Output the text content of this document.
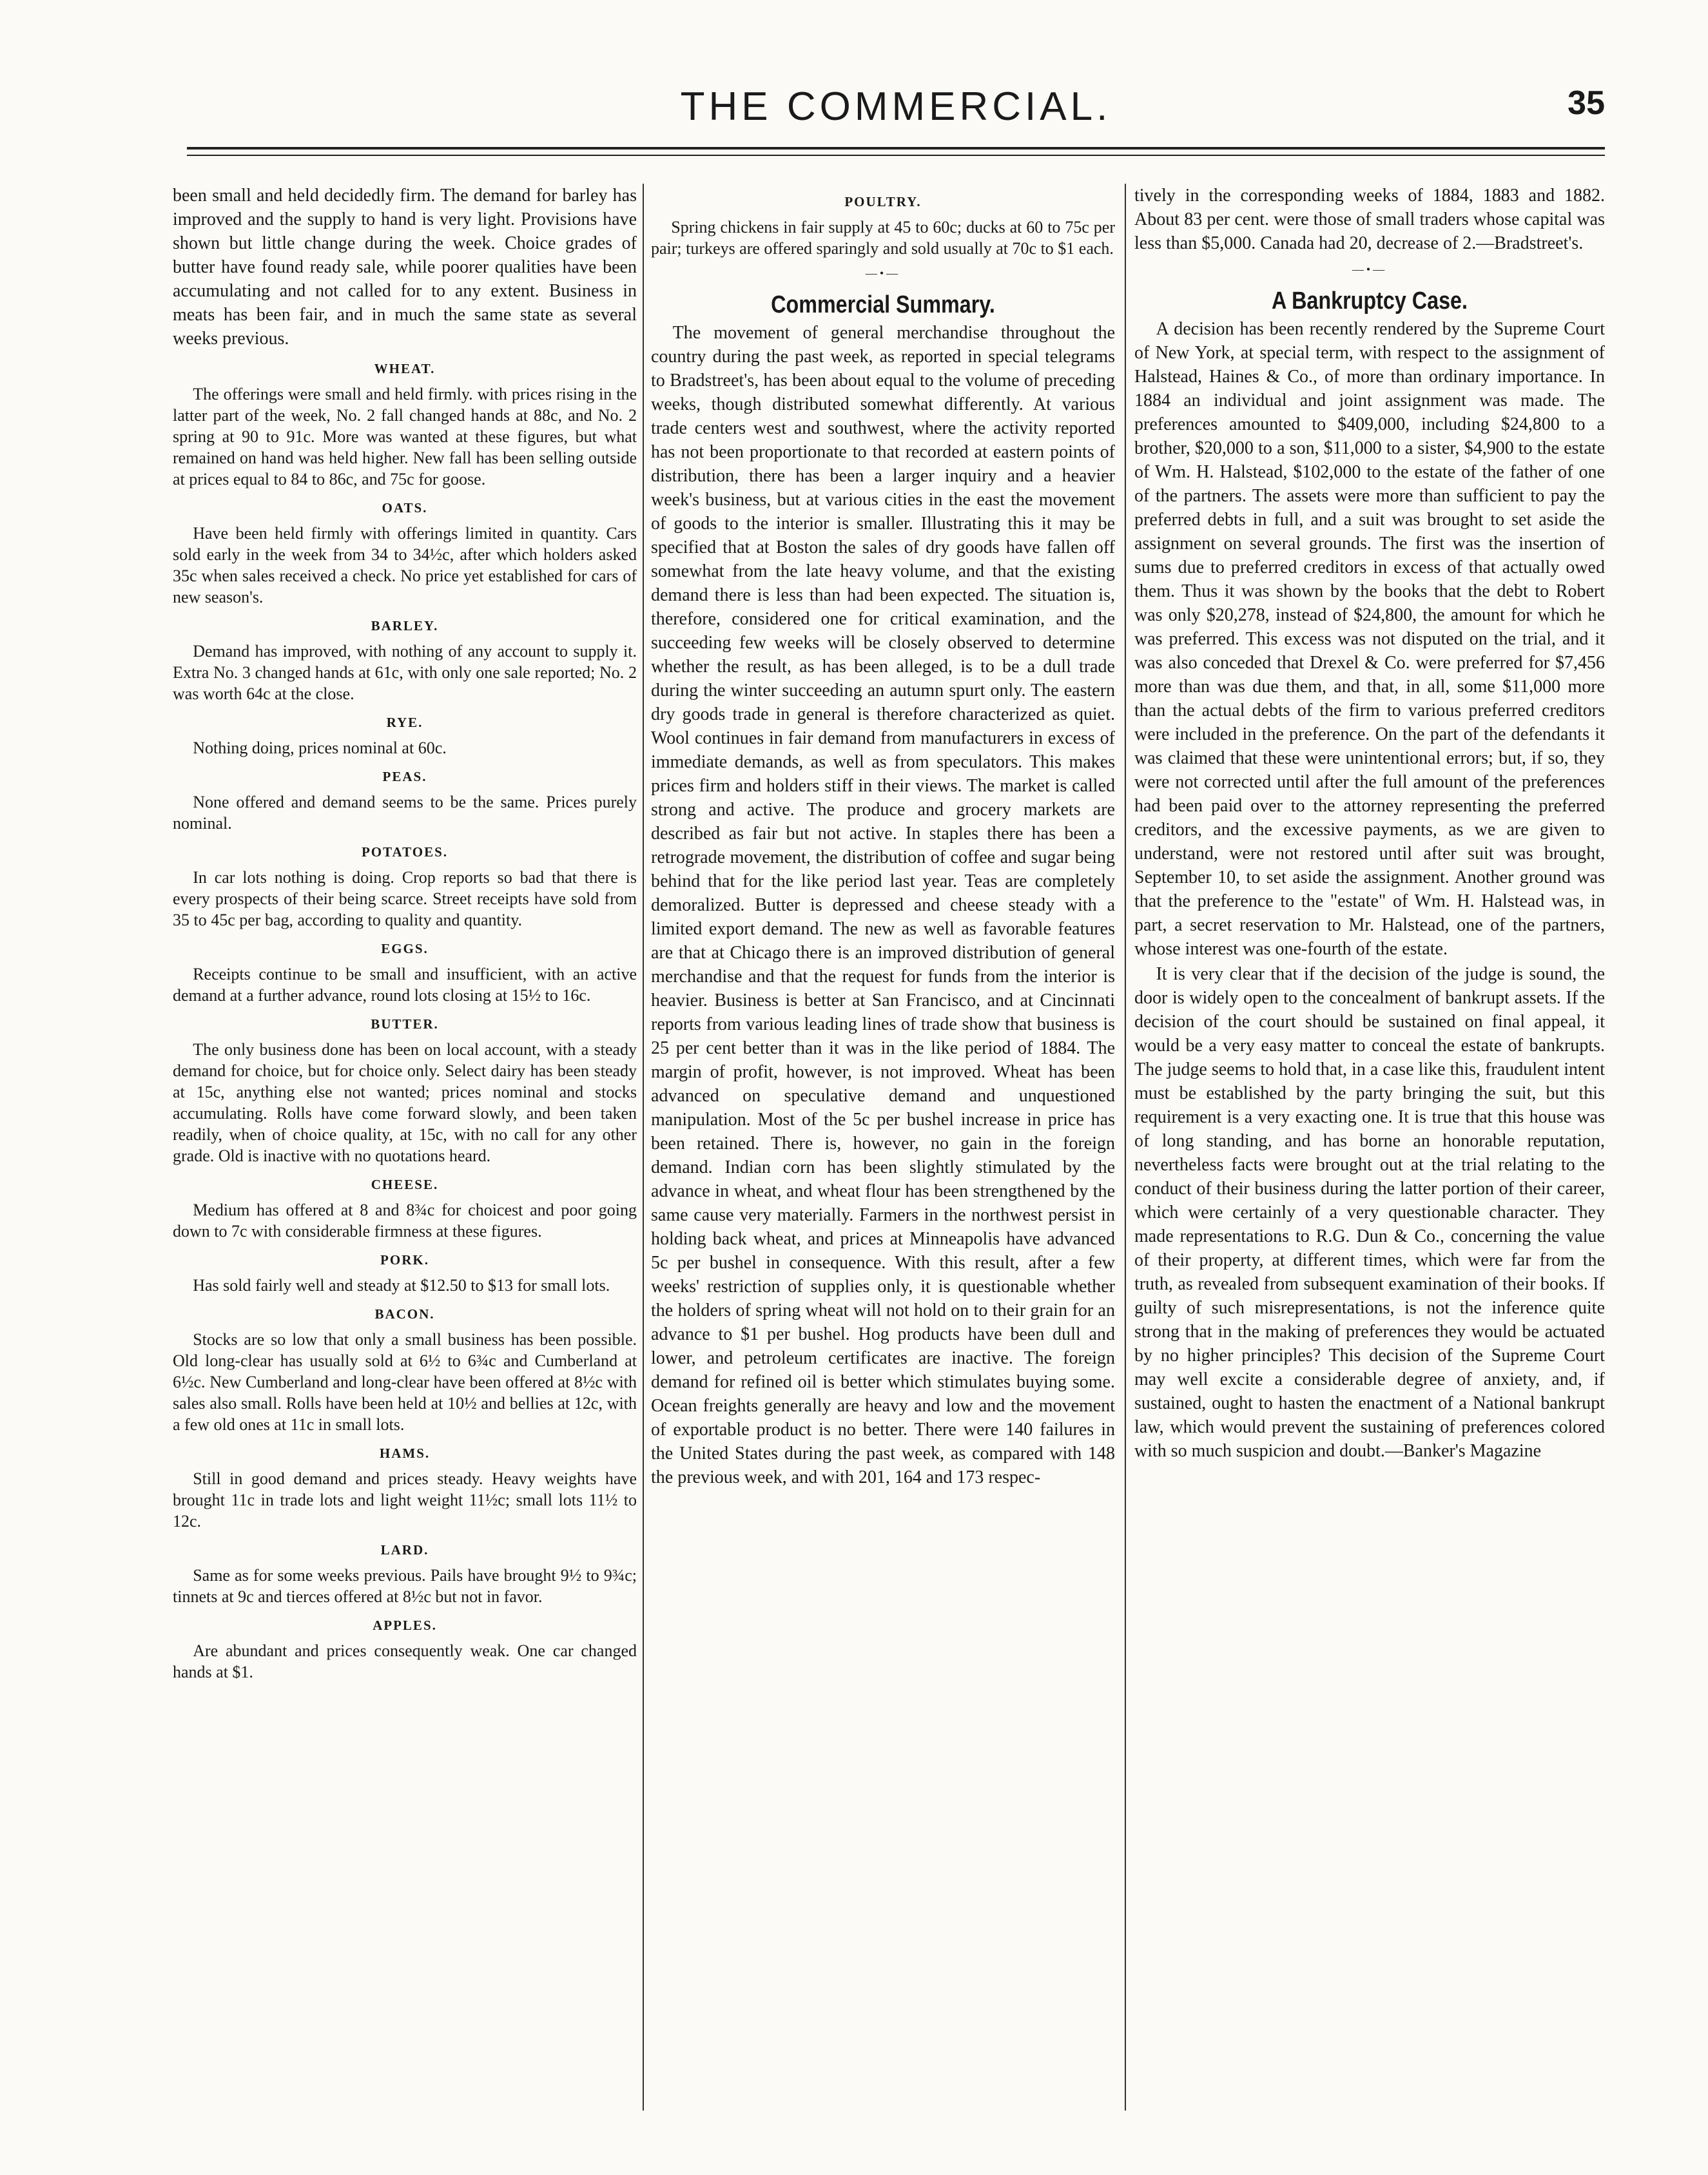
THE COMMERCIAL.	35

been small and held decidedly firm. The demand for barley has improved and the supply to hand is very light. Provisions have shown but little change during the week. Choice grades of butter have found ready sale, while poorer qualities have been accumulating and not called for to any extent. Business in meats has been fair, and in much the same state as several weeks previous.

WHEAT.

The offerings were small and held firmly. with prices rising in the latter part of the week, No. 2 fall changed hands at 88c, and No. 2 spring at 90 to 91c. More was wanted at these figures, but what remained on hand was held higher. New fall has been selling outside at prices equal to 84 to 86c, and 75c for goose.

OATS.

Have been held firmly with offerings limited in quantity. Cars sold early in the week from 34 to 34½c, after which holders asked 35c when sales received a check. No price yet established for cars of new season's.

BARLEY.

Demand has improved, with nothing of any account to supply it. Extra No. 3 changed hands at 61c, with only one sale reported; No. 2 was worth 64c at the close.

RYE.

Nothing doing, prices nominal at 60c.

PEAS.

None offered and demand seems to be the same. Prices purely nominal.

POTATOES.

In car lots nothing is doing. Crop reports so bad that there is every prospects of their being scarce. Street receipts have sold from 35 to 45c per bag, according to quality and quantity.

EGGS.

Receipts continue to be small and insufficient, with an active demand at a further advance, round lots closing at 15½ to 16c.

BUTTER.

The only business done has been on local account, with a steady demand for choice, but for choice only. Select dairy has been steady at 15c, anything else not wanted; prices nominal and stocks accumulating. Rolls have come forward slowly, and been taken readily, when of choice quality, at 15c, with no call for any other grade. Old is inactive with no quotations heard.

CHEESE.

Medium has offered at 8 and 8¾c for choicest and poor going down to 7c with considerable firmness at these figures.

PORK.

Has sold fairly well and steady at $12.50 to $13 for small lots.

BACON.

Stocks are so low that only a small business has been possible. Old long-clear has usually sold at 6½ to 6¾c and Cumberland at 6½c. New Cumberland and long-clear have been offered at 8½c with sales also small. Rolls have been held at 10½ and bellies at 12c, with a few old ones at 11c in small lots.

HAMS.

Still in good demand and prices steady. Heavy weights have brought 11c in trade lots and light weight 11½c; small lots 11½ to 12c.

LARD.

Same as for some weeks previous. Pails have brought 9½ to 9¾c; tinnets at 9c and tierces offered at 8½c but not in favor.

APPLES.

Are abundant and prices consequently weak. One car changed hands at $1.

POULTRY.

Spring chickens in fair supply at 45 to 60c; ducks at 60 to 75c per pair; turkeys are offered sparingly and sold usually at 70c to $1 each.

—•—
Commercial Summary.

The movement of general merchandise throughout the country during the past week, as reported in special telegrams to Bradstreet's, has been about equal to the volume of preceding weeks, though distributed somewhat differently. At various trade centers west and southwest, where the activity reported has not been proportionate to that recorded at eastern points of distribution, there has been a larger inquiry and a heavier week's business, but at various cities in the east the movement of goods to the interior is smaller. Illustrating this it may be specified that at Boston the sales of dry goods have fallen off somewhat from the late heavy volume, and that the existing demand there is less than had been expected. The situation is, therefore, considered one for critical examination, and the succeeding few weeks will be closely observed to determine whether the result, as has been alleged, is to be a dull trade during the winter succeeding an autumn spurt only. The eastern dry goods trade in general is therefore characterized as quiet. Wool continues in fair demand from manufacturers in excess of immediate demands, as well as from speculators. This makes prices firm and holders stiff in their views. The market is called strong and active. The produce and grocery markets are described as fair but not active. In staples there has been a retrograde movement, the distribution of coffee and sugar being behind that for the like period last year. Teas are completely demoralized. Butter is depressed and cheese steady with a limited export demand. The new as well as favorable features are that at Chicago there is an improved distribution of general merchandise and that the request for funds from the interior is heavier. Business is better at San Francisco, and at Cincinnati reports from various leading lines of trade show that business is 25 per cent better than it was in the like period of 1884. The margin of profit, however, is not improved. Wheat has been advanced on speculative demand and unquestioned manipulation. Most of the 5c per bushel increase in price has been retained. There is, however, no gain in the foreign demand. Indian corn has been slightly stimulated by the advance in wheat, and wheat flour has been strengthened by the same cause very materially. Farmers in the northwest persist in holding back wheat, and prices at Minneapolis have advanced 5c per bushel in consequence. With this result, after a few weeks' restriction of supplies only, it is questionable whether the holders of spring wheat will not hold on to their grain for an advance to $1 per bushel. Hog products have been dull and lower, and petroleum certificates are inactive. The foreign demand for refined oil is better which stimulates buying some. Ocean freights generally are heavy and low and the movement of exportable product is no better. There were 140 failures in the United States during the past week, as compared with 148 the previous week, and with 201, 164 and 173 respec-

tively in the corresponding weeks of 1884, 1883 and 1882. About 83 per cent. were those of small traders whose capital was less than $5,000. Canada had 20, decrease of 2.—Bradstreet's.

—•—
A Bankruptcy Case.

A decision has been recently rendered by the Supreme Court of New York, at special term, with respect to the assignment of Halstead, Haines & Co., of more than ordinary importance. In 1884 an individual and joint assignment was made. The preferences amounted to $409,000, including $24,800 to a brother, $20,000 to a son, $11,000 to a sister, $4,900 to the estate of Wm. H. Halstead, $102,000 to the estate of the father of one of the partners. The assets were more than sufficient to pay the preferred debts in full, and a suit was brought to set aside the assignment on several grounds. The first was the insertion of sums due to preferred creditors in excess of that actually owed them. Thus it was shown by the books that the debt to Robert was only $20,278, instead of $24,800, the amount for which he was preferred. This excess was not disputed on the trial, and it was also conceded that Drexel & Co. were preferred for $7,456 more than was due them, and that, in all, some $11,000 more than the actual debts of the firm to various preferred creditors were included in the preference. On the part of the defendants it was claimed that these were unintentional errors; but, if so, they were not corrected until after the full amount of the preferences had been paid over to the attorney representing the preferred creditors, and the excessive payments, as we are given to understand, were not restored until after suit was brought, September 10, to set aside the assignment. Another ground was that the preference to the "estate" of Wm. H. Halstead was, in part, a secret reservation to Mr. Halstead, one of the partners, whose interest was one-fourth of the estate.

It is very clear that if the decision of the judge is sound, the door is widely open to the concealment of bankrupt assets. If the decision of the court should be sustained on final appeal, it would be a very easy matter to conceal the estate of bankrupts. The judge seems to hold that, in a case like this, fraudulent intent must be established by the party bringing the suit, but this requirement is a very exacting one. It is true that this house was of long standing, and has borne an honorable reputation, nevertheless facts were brought out at the trial relating to the conduct of their business during the latter portion of their career, which were certainly of a very questionable character. They made representations to R.G. Dun & Co., concerning the value of their property, at different times, which were far from the truth, as revealed from subsequent examination of their books. If guilty of such misrepresentations, is not the inference quite strong that in the making of preferences they would be actuated by no higher principles? This decision of the Supreme Court may well excite a considerable degree of anxiety, and, if sustained, ought to hasten the enactment of a National bankrupt law, which would prevent the sustaining of preferences colored with so much suspicion and doubt.—Banker's Magazine
